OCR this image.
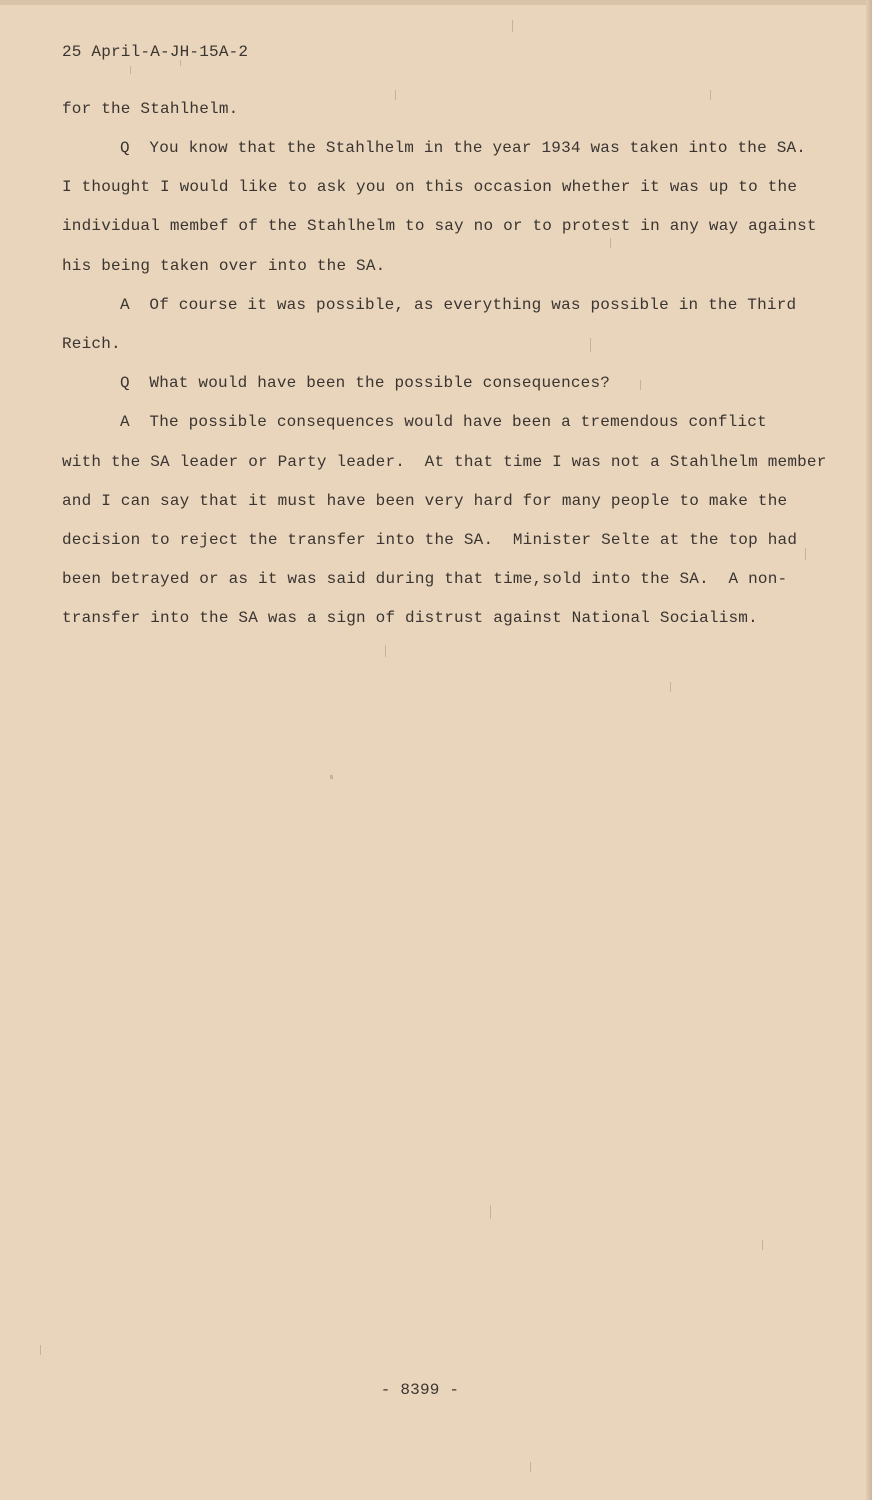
25 April-A-JH-15A-2
for the Stahlhelm.
Q  You know that the Stahlhelm in the year 1934 was taken into the SA.
I thought I would like to ask you on this occasion whether it was up to the
individual membef of the Stahlhelm to say no or to protest in any way against
his being taken over into the SA.
A  Of course it was possible, as everything was possible in the Third
Reich.
Q  What would have been the possible consequences?
A  The possible consequences would have been a tremendous conflict
with the SA leader or Party leader.  At that time I was not a Stahlhelm member
and I can say that it must have been very hard for many people to make the
decision to reject the transfer into the SA.  Minister Selte at the top had
been betrayed or as it was said during that time,sold into the SA.  A non-
transfer into the SA was a sign of distrust against National Socialism.
- 8399 -
